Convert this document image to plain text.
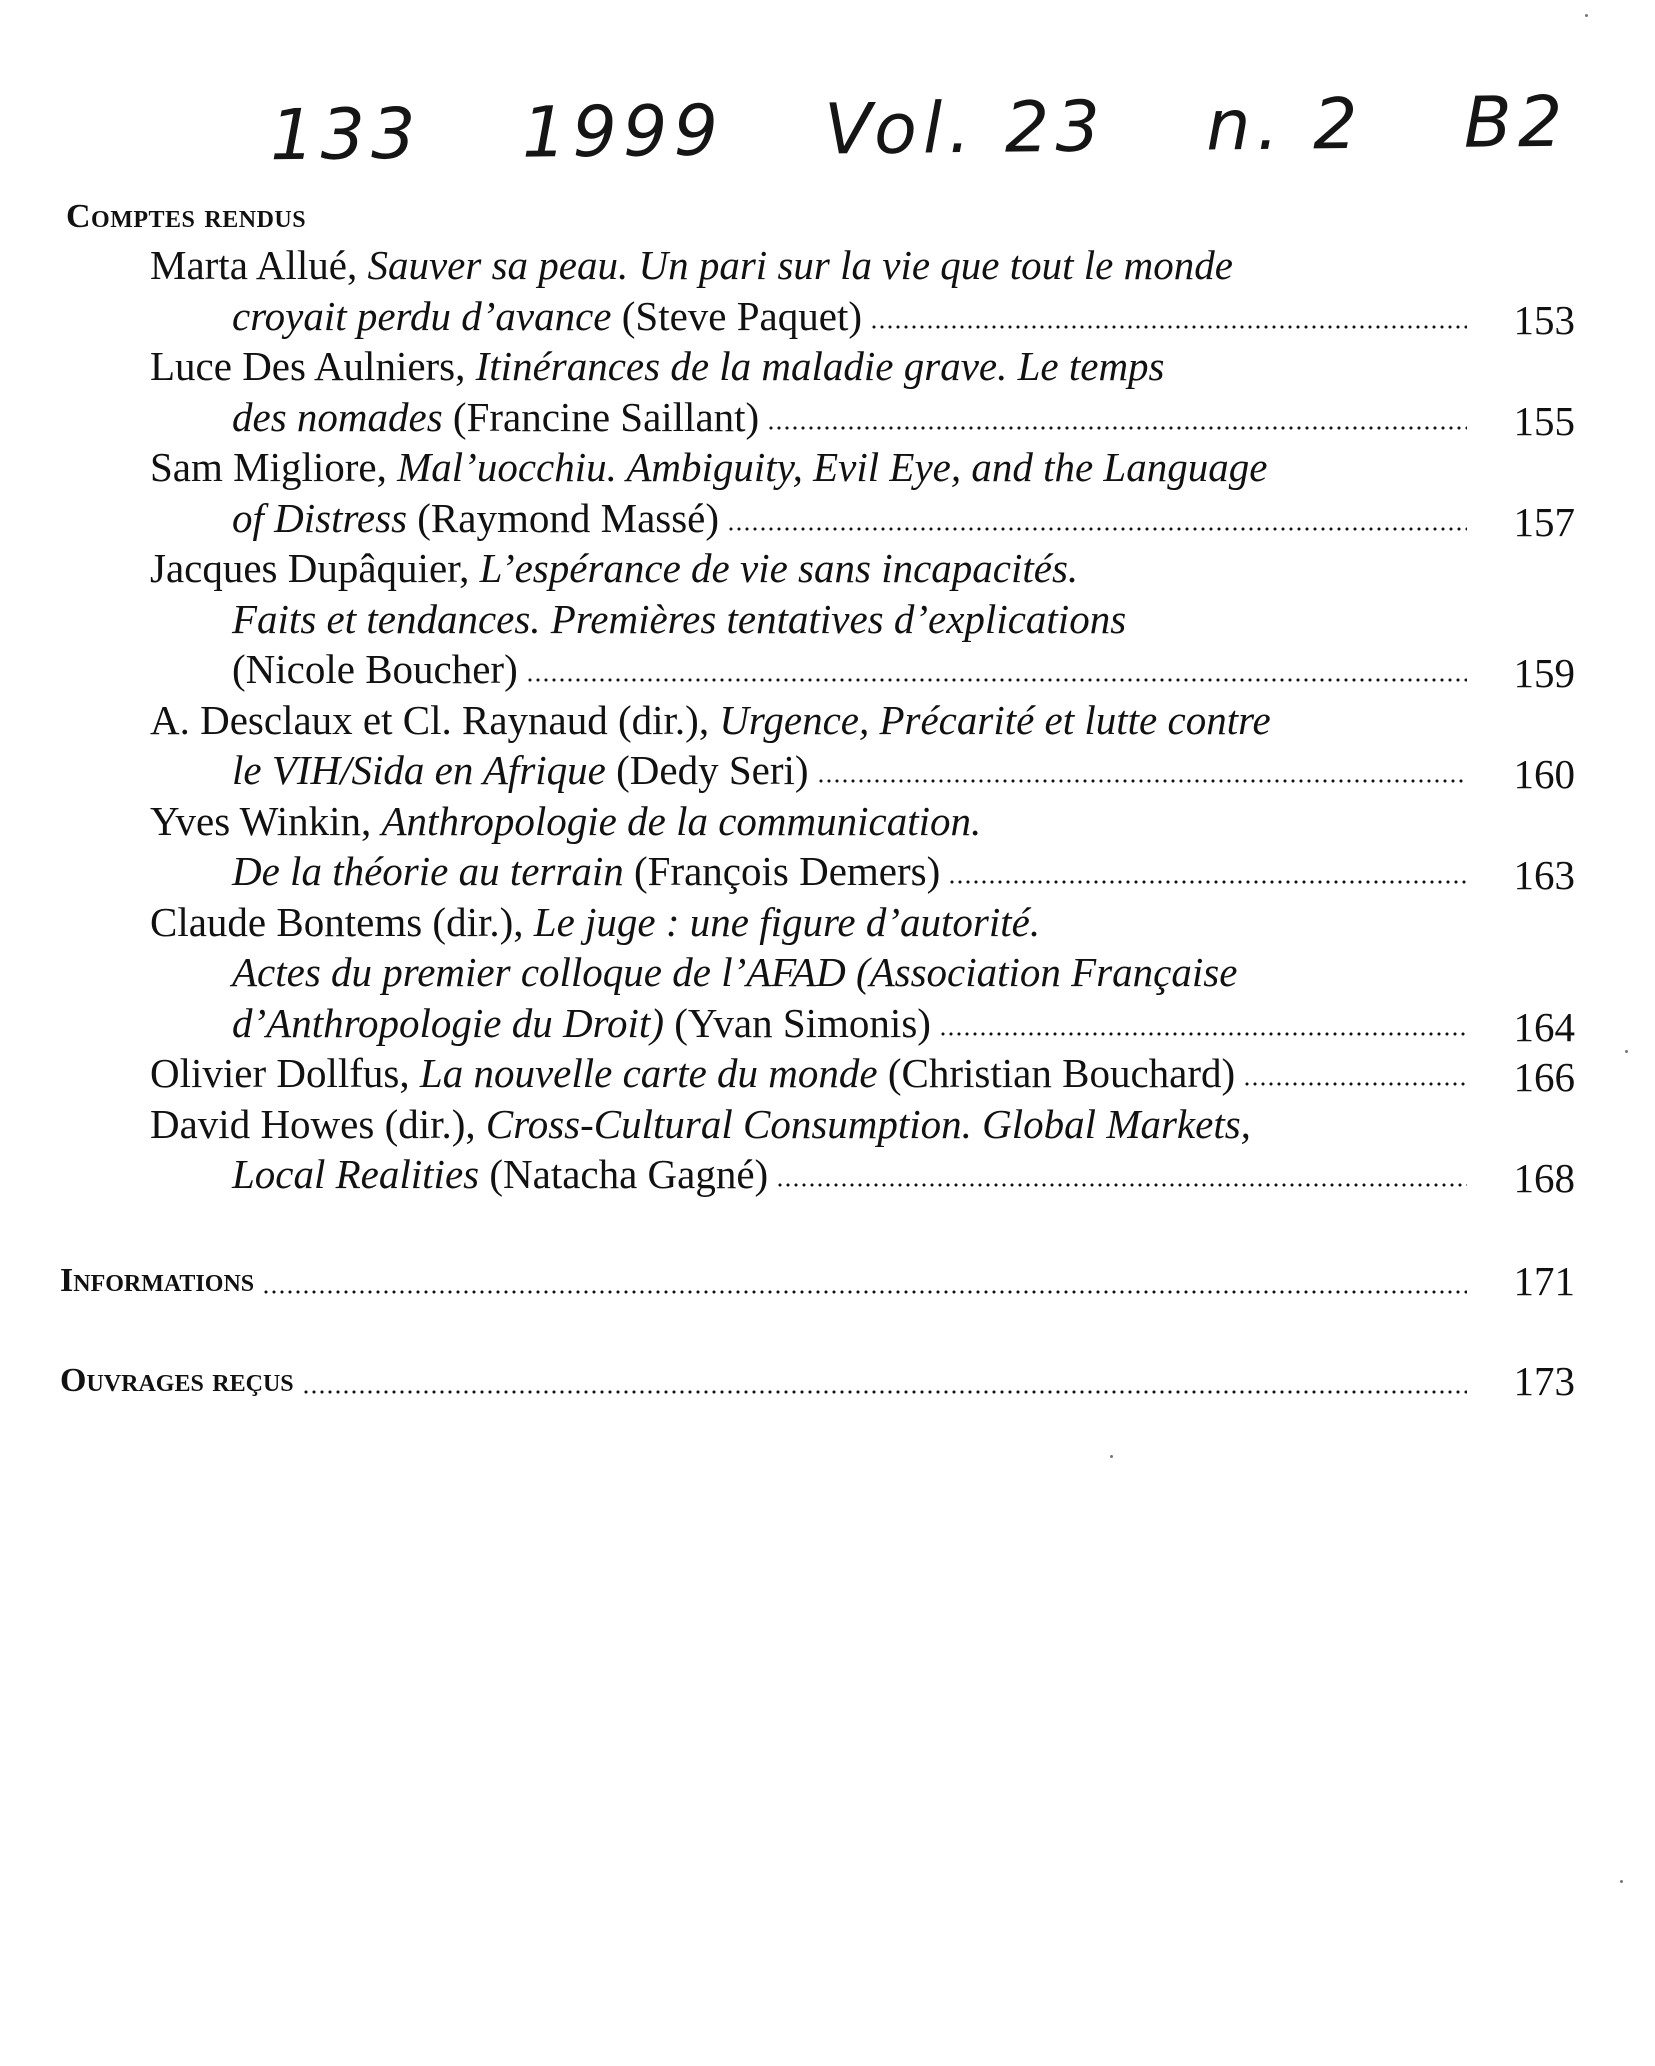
133 1999 Vol. 23 n. 2 B2
Comptes rendus
Marta Allué, Sauver sa peau. Un pari sur la vie que tout le monde
153
croyait perdu d’avance (Steve Paquet)
Luce Des Aulniers, Itinérances de la maladie grave. Le temps
155
des nomades (Francine Saillant)
Sam Migliore, Mal’uocchiu. Ambiguity, Evil Eye, and the Language
157
of Distress (Raymond Massé)
Jacques Dupâquier, L’espérance de vie sans incapacités.
Faits et tendances. Premières tentatives d’explications
159
(Nicole Boucher)
A. Desclaux et Cl. Raynaud (dir.), Urgence, Précarité et lutte contre
160
le VIH/Sida en Afrique (Dedy Seri)
Yves Winkin, Anthropologie de la communication.
163
De la théorie au terrain (François Demers)
Claude Bontems (dir.), Le juge : une figure d’autorité.
Actes du premier colloque de l’AFAD (Association Française
164
d’Anthropologie du Droit) (Yvan Simonis)
166
Olivier Dollfus, La nouvelle carte du monde (Christian Bouchard)
David Howes (dir.), Cross-Cultural Consumption. Global Markets,
168
Local Realities (Natacha Gagné)
Informations	171
Ouvrages reçus	173
